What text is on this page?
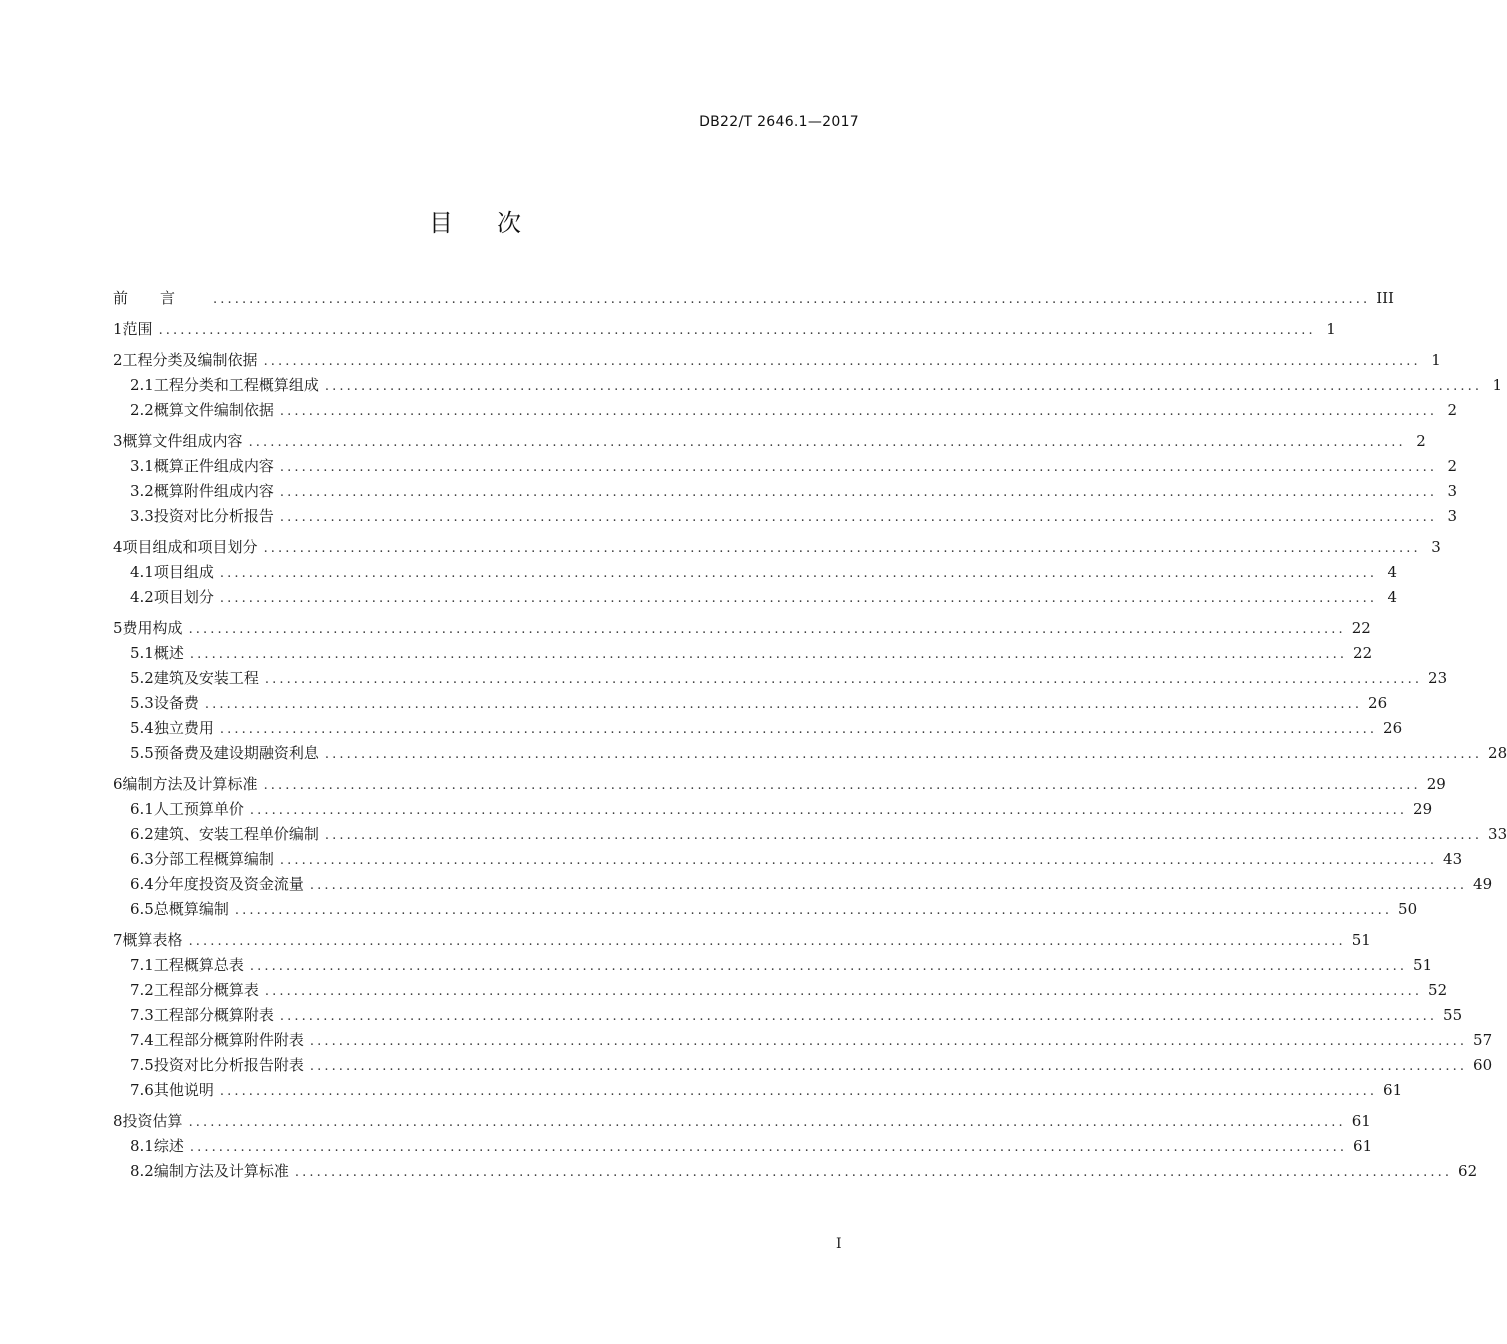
DB22/T 2646.1—2017
目次
前言 ................................................................................................................................................................ III
1 范围 ................................................................................................................................................................ 1
2 工程分类及编制依据 ................................................................................................................................................................ 1
2.1 工程分类和工程概算组成 ................................................................................................................................................................ 1
2.2 概算文件编制依据 ................................................................................................................................................................ 2
3 概算文件组成内容 ................................................................................................................................................................ 2
3.1 概算正件组成内容 ................................................................................................................................................................ 2
3.2 概算附件组成内容 ................................................................................................................................................................ 3
3.3 投资对比分析报告 ................................................................................................................................................................ 3
4 项目组成和项目划分 ................................................................................................................................................................ 3
4.1 项目组成 ................................................................................................................................................................ 4
4.2 项目划分 ................................................................................................................................................................ 4
5 费用构成 ................................................................................................................................................................ 22
5.1 概述 ................................................................................................................................................................ 22
5.2 建筑及安装工程 ................................................................................................................................................................ 23
5.3 设备费 ................................................................................................................................................................ 26
5.4 独立费用 ................................................................................................................................................................ 26
5.5 预备费及建设期融资利息 ................................................................................................................................................................ 28
6 编制方法及计算标准 ................................................................................................................................................................ 29
6.1 人工预算单价 ................................................................................................................................................................ 29
6.2 建筑、安装工程单价编制 ................................................................................................................................................................ 33
6.3 分部工程概算编制 ................................................................................................................................................................ 43
6.4 分年度投资及资金流量 ................................................................................................................................................................ 49
6.5 总概算编制 ................................................................................................................................................................ 50
7 概算表格 ................................................................................................................................................................ 51
7.1 工程概算总表 ................................................................................................................................................................ 51
7.2 工程部分概算表 ................................................................................................................................................................ 52
7.3 工程部分概算附表 ................................................................................................................................................................ 55
7.4 工程部分概算附件附表 ................................................................................................................................................................ 57
7.5 投资对比分析报告附表 ................................................................................................................................................................ 60
7.6 其他说明 ................................................................................................................................................................ 61
8 投资估算 ................................................................................................................................................................ 61
8.1 综述 ................................................................................................................................................................ 61
8.2 编制方法及计算标准 ................................................................................................................................................................ 62
I
